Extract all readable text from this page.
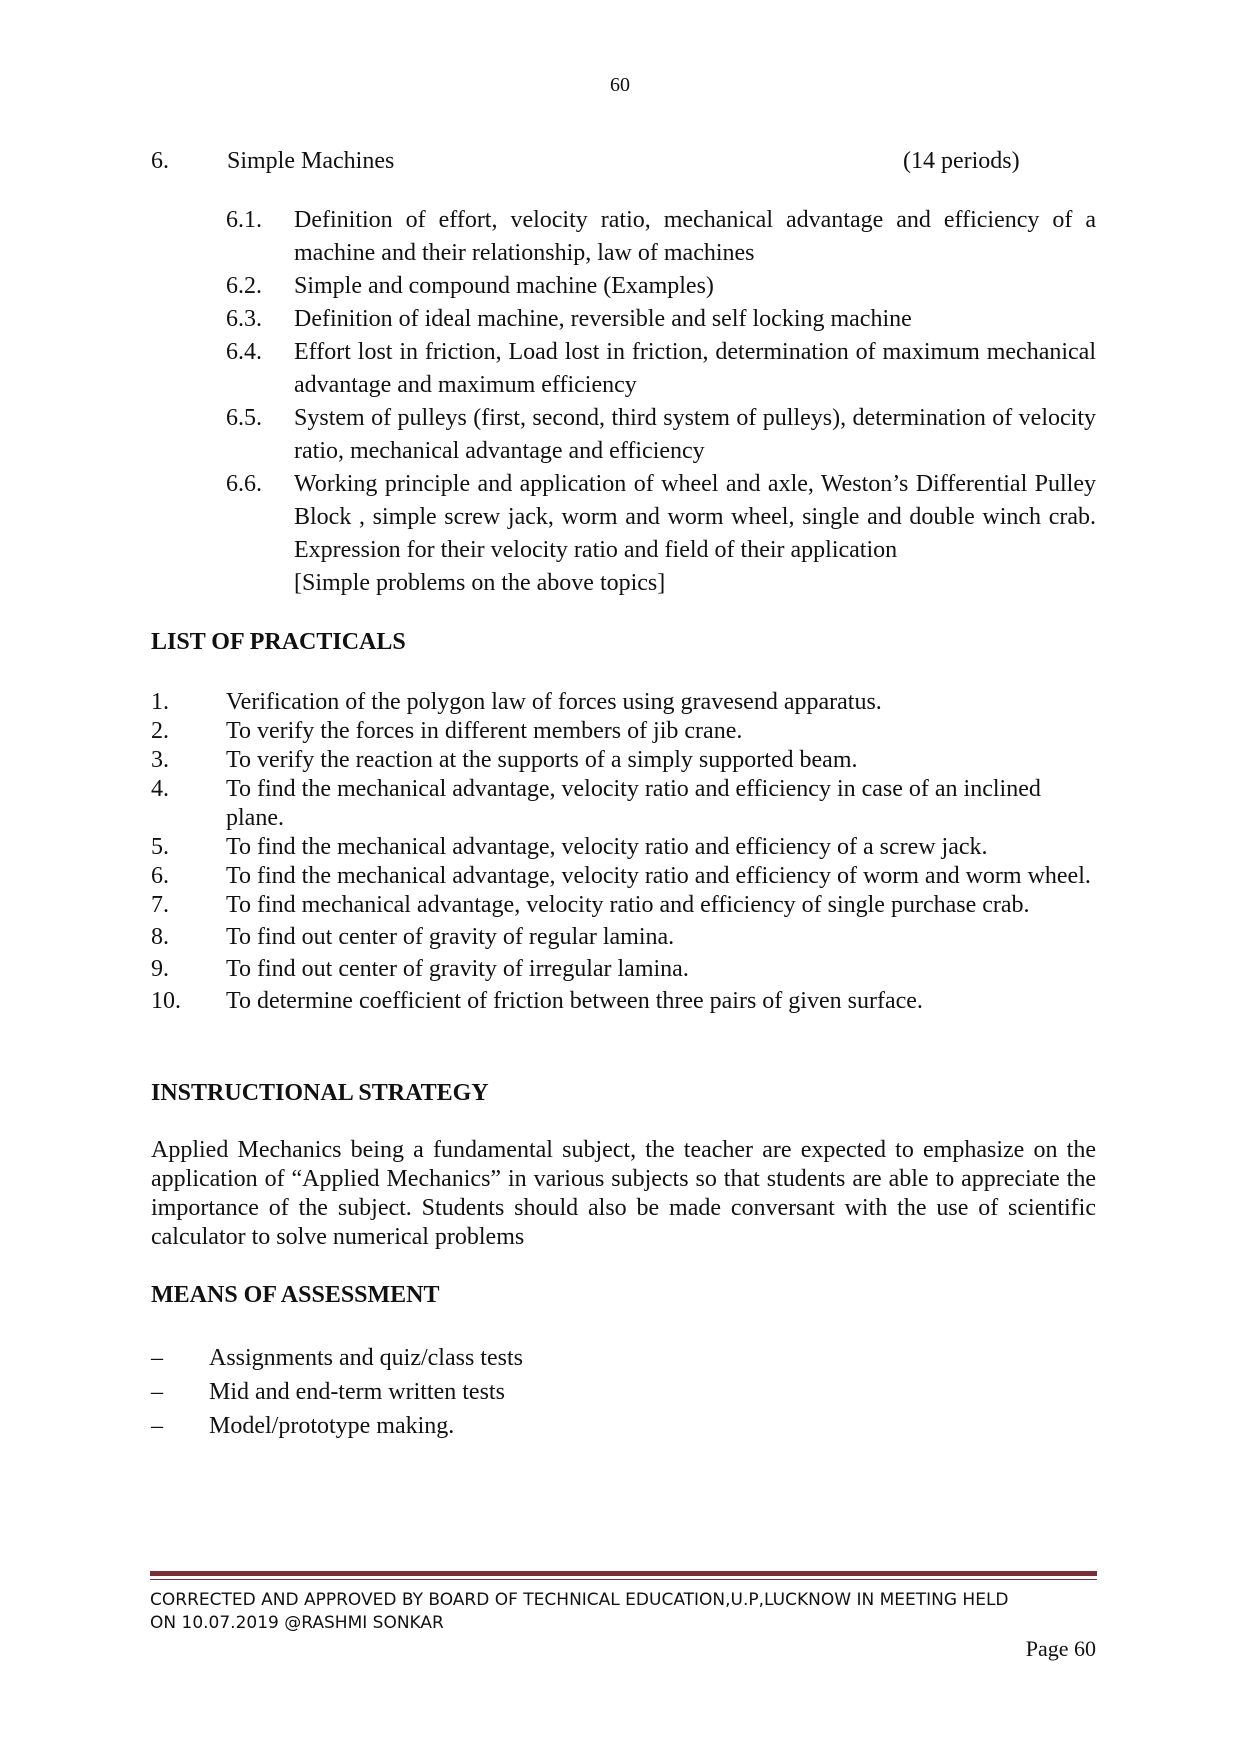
60
6. Simple Machines	(14 periods)
6.1.	Definition of effort, velocity ratio, mechanical advantage and efficiency of a machine and their relationship, law of machines
6.2.	Simple and compound machine (Examples)
6.3.	Definition of ideal machine, reversible and self locking machine
6.4.	Effort lost in friction, Load lost in friction, determination of maximum mechanical advantage and maximum efficiency
6.5.	System of pulleys (first, second, third system of pulleys), determination of velocity ratio, mechanical advantage and efficiency
6.6.	Working principle and application of wheel and axle, Weston’s Differential Pulley Block , simple screw jack, worm and worm wheel, single and double winch crab. Expression for their velocity ratio and field of their application
[Simple problems on the above topics]
LIST OF PRACTICALS
1.	Verification of the polygon law of forces using gravesend apparatus.
2.	To verify the forces in different members of jib crane.
3.	To verify the reaction at the supports of a simply supported beam.
4.	To find the mechanical advantage, velocity ratio and efficiency in case of an inclined plane.
5.	To find the mechanical advantage, velocity ratio and efficiency of a screw jack.
6.	To find the mechanical advantage, velocity ratio and efficiency of worm and worm wheel.
7.	To find mechanical advantage, velocity ratio and efficiency of single purchase crab.
8.	To find out center of gravity of regular lamina.
9.	To find out center of gravity of irregular lamina.
10.	To determine coefficient of friction between three pairs of given surface.
INSTRUCTIONAL STRATEGY
Applied Mechanics being a fundamental subject, the teacher are expected to emphasize on the application of “Applied Mechanics” in various subjects so that students are able to appreciate the importance of the subject. Students should also be made conversant with the use of scientific calculator to solve numerical problems
MEANS OF ASSESSMENT
–	Assignments and quiz/class tests
–	Mid and end-term written tests
–	Model/prototype making.
CORRECTED AND APPROVED BY BOARD OF TECHNICAL EDUCATION,U.P,LUCKNOW IN MEETING HELD
ON 10.07.2019 @RASHMI SONKAR
Page 60
